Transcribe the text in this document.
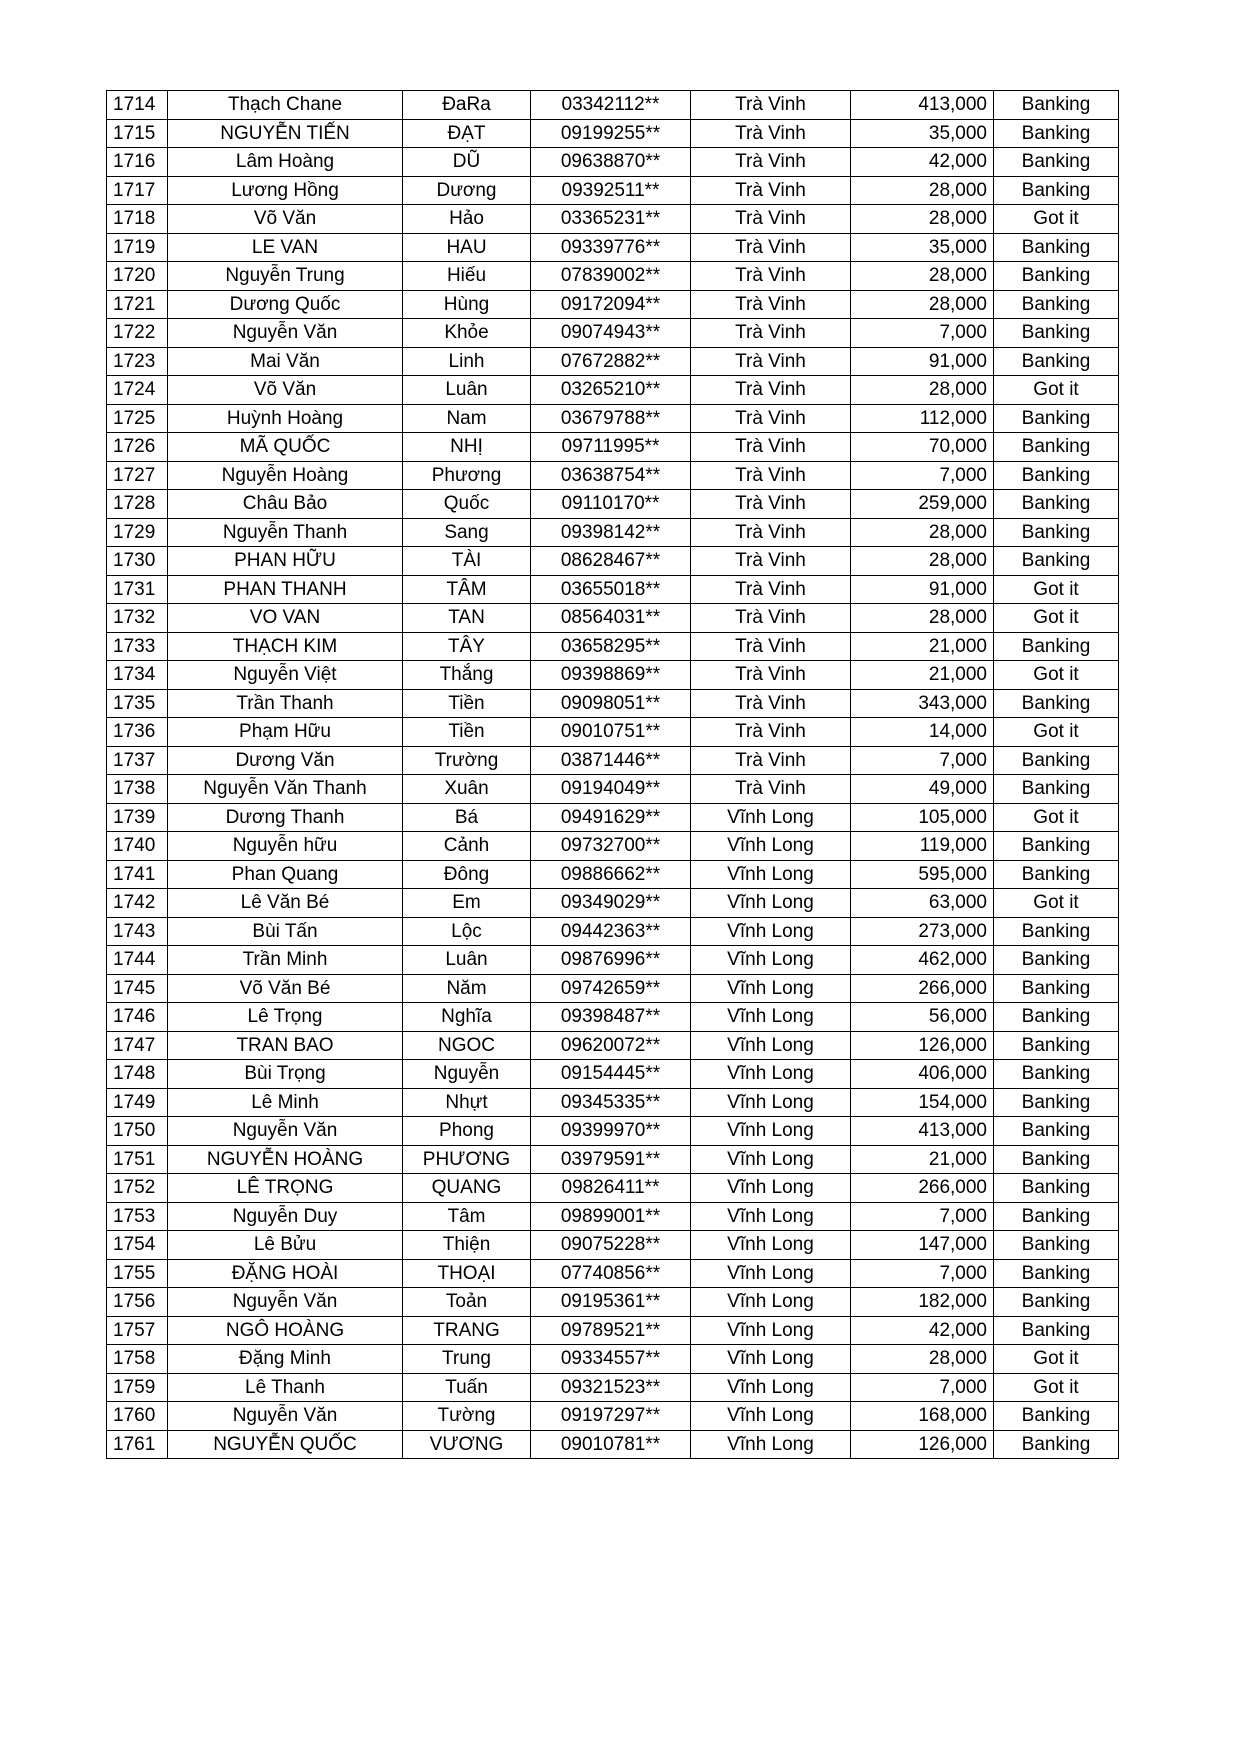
1714	Thạch Chane	ĐaRa	03342112**	Trà Vinh	413,000	Banking
1715	NGUYỄN TIẾN	ĐẠT	09199255**	Trà Vinh	35,000	Banking
1716	Lâm Hoàng	DŨ	09638870**	Trà Vinh	42,000	Banking
1717	Lương Hồng	Dương	09392511**	Trà Vinh	28,000	Banking
1718	Võ Văn	Hảo	03365231**	Trà Vinh	28,000	Got it
1719	LE VAN	HAU	09339776**	Trà Vinh	35,000	Banking
1720	Nguyễn Trung	Hiếu	07839002**	Trà Vinh	28,000	Banking
1721	Dương Quốc	Hùng	09172094**	Trà Vinh	28,000	Banking
1722	Nguyễn Văn	Khỏe	09074943**	Trà Vinh	7,000	Banking
1723	Mai Văn	Linh	07672882**	Trà Vinh	91,000	Banking
1724	Võ Văn	Luân	03265210**	Trà Vinh	28,000	Got it
1725	Huỳnh Hoàng	Nam	03679788**	Trà Vinh	112,000	Banking
1726	MÃ QUỐC	NHỊ	09711995**	Trà Vinh	70,000	Banking
1727	Nguyễn Hoàng	Phương	03638754**	Trà Vinh	7,000	Banking
1728	Châu Bảo	Quốc	09110170**	Trà Vinh	259,000	Banking
1729	Nguyễn Thanh	Sang	09398142**	Trà Vinh	28,000	Banking
1730	PHAN HỮU	TÀI	08628467**	Trà Vinh	28,000	Banking
1731	PHAN THANH	TÂM	03655018**	Trà Vinh	91,000	Got it
1732	VO VAN	TAN	08564031**	Trà Vinh	28,000	Got it
1733	THẠCH KIM	TÂY	03658295**	Trà Vinh	21,000	Banking
1734	Nguyễn Việt	Thắng	09398869**	Trà Vinh	21,000	Got it
1735	Trần Thanh	Tiền	09098051**	Trà Vinh	343,000	Banking
1736	Phạm Hữu	Tiền	09010751**	Trà Vinh	14,000	Got it
1737	Dương Văn	Trường	03871446**	Trà Vinh	7,000	Banking
1738	Nguyễn Văn Thanh	Xuân	09194049**	Trà Vinh	49,000	Banking
1739	Dương Thanh	Bá	09491629**	Vĩnh Long	105,000	Got it
1740	Nguyễn hữu	Cảnh	09732700**	Vĩnh Long	119,000	Banking
1741	Phan Quang	Đông	09886662**	Vĩnh Long	595,000	Banking
1742	Lê Văn Bé	Em	09349029**	Vĩnh Long	63,000	Got it
1743	Bùi Tấn	Lộc	09442363**	Vĩnh Long	273,000	Banking
1744	Trần Minh	Luân	09876996**	Vĩnh Long	462,000	Banking
1745	Võ Văn Bé	Năm	09742659**	Vĩnh Long	266,000	Banking
1746	Lê Trọng	Nghĩa	09398487**	Vĩnh Long	56,000	Banking
1747	TRAN BAO	NGOC	09620072**	Vĩnh Long	126,000	Banking
1748	Bùi Trọng	Nguyễn	09154445**	Vĩnh Long	406,000	Banking
1749	Lê Minh	Nhựt	09345335**	Vĩnh Long	154,000	Banking
1750	Nguyễn Văn	Phong	09399970**	Vĩnh Long	413,000	Banking
1751	NGUYỄN HOÀNG	PHƯƠNG	03979591**	Vĩnh Long	21,000	Banking
1752	LÊ TRỌNG	QUANG	09826411**	Vĩnh Long	266,000	Banking
1753	Nguyễn Duy	Tâm	09899001**	Vĩnh Long	7,000	Banking
1754	Lê Bửu	Thiện	09075228**	Vĩnh Long	147,000	Banking
1755	ĐẶNG HOÀI	THOẠI	07740856**	Vĩnh Long	7,000	Banking
1756	Nguyễn Văn	Toản	09195361**	Vĩnh Long	182,000	Banking
1757	NGÔ HOÀNG	TRANG	09789521**	Vĩnh Long	42,000	Banking
1758	Đặng Minh	Trung	09334557**	Vĩnh Long	28,000	Got it
1759	Lê Thanh	Tuấn	09321523**	Vĩnh Long	7,000	Got it
1760	Nguyễn Văn	Tường	09197297**	Vĩnh Long	168,000	Banking
1761	NGUYỄN QUỐC	VƯƠNG	09010781**	Vĩnh Long	126,000	Banking
